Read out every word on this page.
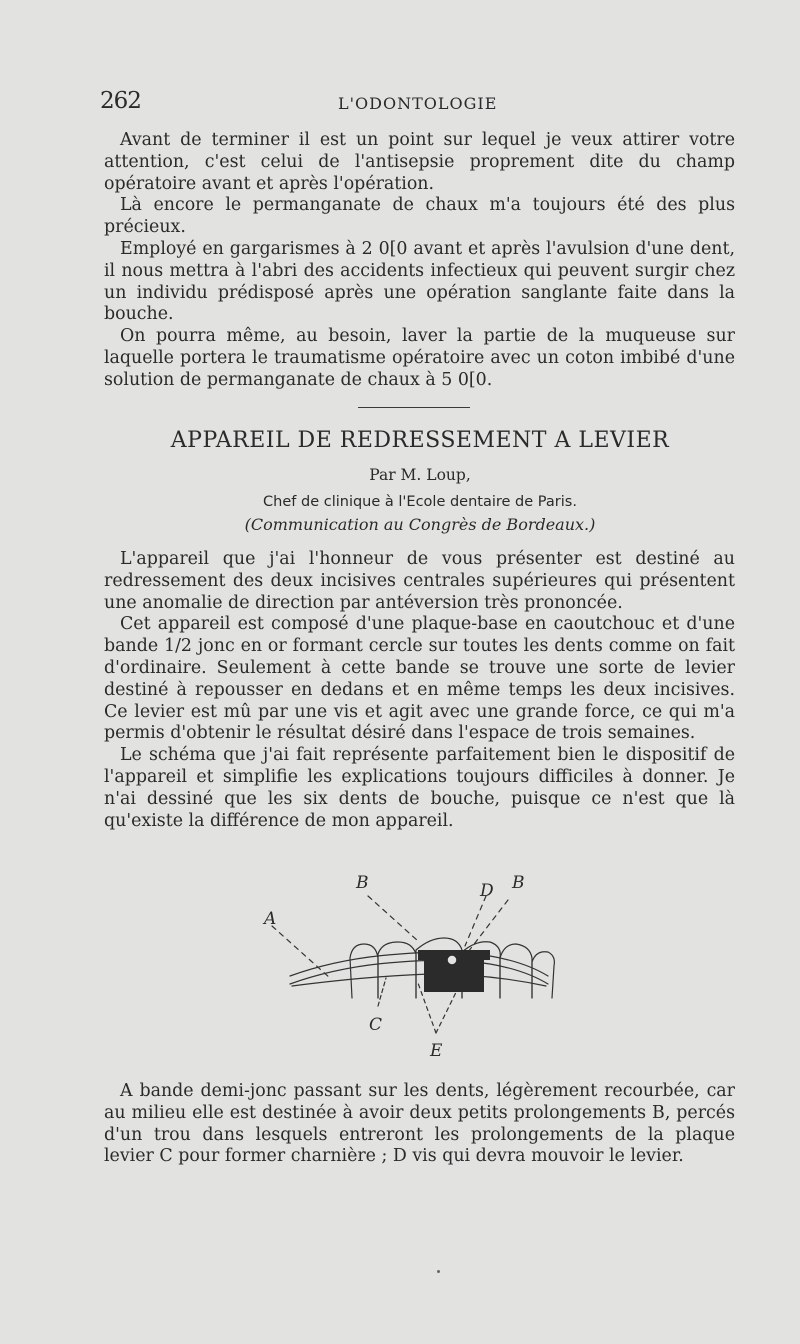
262	L'ODONTOLOGIE

Avant de terminer il est un point sur lequel je veux attirer votre attention, c'est celui de l'antisepsie proprement dite du champ opératoire avant et après l'opération.

Là encore le permanganate de chaux m'a toujours été des plus précieux.

Employé en gargarismes à 2 0[0 avant et après l'avulsion d'une dent, il nous mettra à l'abri des accidents infectieux qui peuvent surgir chez un individu prédisposé après une opération sanglante faite dans la bouche.

On pourra même, au besoin, laver la partie de la muqueuse sur laquelle portera le traumatisme opératoire avec un coton imbibé d'une solution de permanganate de chaux à 5 0[0.

APPAREIL DE REDRESSEMENT A LEVIER
Par M. Loup,
Chef de clinique à l'Ecole dentaire de Paris.
(Communication au Congrès de Bordeaux.)

L'appareil que j'ai l'honneur de vous présenter est destiné au redressement des deux incisives centrales supérieures qui présentent une anomalie de direction par antéversion très prononcée.

Cet appareil est composé d'une plaque-base en caoutchouc et d'une bande 1/2 jonc en or formant cercle sur toutes les dents comme on fait d'ordinaire. Seulement à cette bande se trouve une sorte de levier destiné à repousser en dedans et en même temps les deux incisives. Ce levier est mû par une vis et agit avec une grande force, ce qui m'a permis d'obtenir le résultat désiré dans l'espace de trois semaines.

Le schéma que j'ai fait représente parfaitement bien le dispositif de l'appareil et simplifie les explications toujours difficiles à donner. Je n'ai dessiné que les six dents de bouche, puisque ce n'est que là qu'existe la différence de mon appareil.

A
B	B
D
C
E

A bande demi-jonc passant sur les dents, légèrement recourbée, car au milieu elle est destinée à avoir deux petits prolongements B, percés d'un trou dans lesquels entreront les prolongements de la plaque levier C pour former charnière ; D vis qui devra mouvoir le levier.
